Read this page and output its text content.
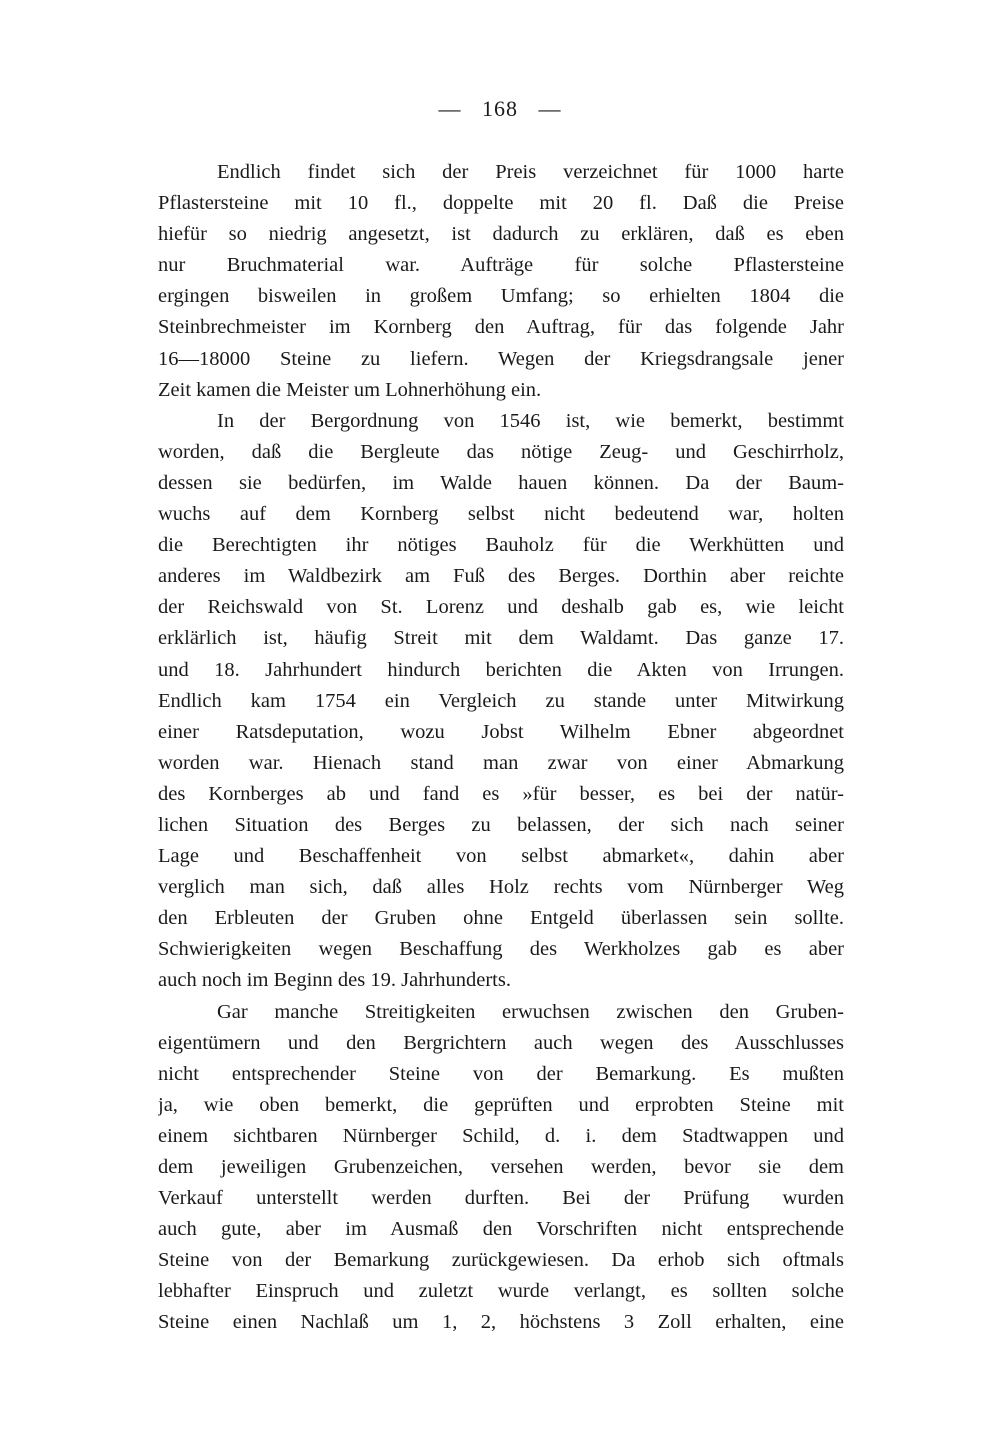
— 168 —
Endlich findet sich der Preis verzeichnet für 1000 harte
Pflastersteine mit 10 fl., doppelte mit 20 fl. Daß die Preise
hiefür so niedrig angesetzt, ist dadurch zu erklären, daß es eben
nur Bruchmaterial war. Aufträge für solche Pflastersteine
ergingen bisweilen in großem Umfang; so erhielten 1804 die
Steinbrechmeister im Kornberg den Auftrag, für das folgende Jahr
16—18000 Steine zu liefern. Wegen der Kriegsdrangsale jener
Zeit kamen die Meister um Lohnerhöhung ein.
In der Bergordnung von 1546 ist, wie bemerkt, bestimmt
worden, daß die Bergleute das nötige Zeug- und Geschirrholz,
dessen sie bedürfen, im Walde hauen können. Da der Baum-
wuchs auf dem Kornberg selbst nicht bedeutend war, holten
die Berechtigten ihr nötiges Bauholz für die Werkhütten und
anderes im Waldbezirk am Fuß des Berges. Dorthin aber reichte
der Reichswald von St. Lorenz und deshalb gab es, wie leicht
erklärlich ist, häufig Streit mit dem Waldamt. Das ganze 17.
und 18. Jahrhundert hindurch berichten die Akten von Irrungen.
Endlich kam 1754 ein Vergleich zu stande unter Mitwirkung
einer Ratsdeputation, wozu Jobst Wilhelm Ebner abgeordnet
worden war. Hienach stand man zwar von einer Abmarkung
des Kornberges ab und fand es »für besser, es bei der natür-
lichen Situation des Berges zu belassen, der sich nach seiner
Lage und Beschaffenheit von selbst abmarket«, dahin aber
verglich man sich, daß alles Holz rechts vom Nürnberger Weg
den Erbleuten der Gruben ohne Entgeld überlassen sein sollte.
Schwierigkeiten wegen Beschaffung des Werkholzes gab es aber
auch noch im Beginn des 19. Jahrhunderts.
Gar manche Streitigkeiten erwuchsen zwischen den Gruben-
eigentümern und den Bergrichtern auch wegen des Ausschlusses
nicht entsprechender Steine von der Bemarkung. Es mußten
ja, wie oben bemerkt, die geprüften und erprobten Steine mit
einem sichtbaren Nürnberger Schild, d. i. dem Stadtwappen und
dem jeweiligen Grubenzeichen, versehen werden, bevor sie dem
Verkauf unterstellt werden durften. Bei der Prüfung wurden
auch gute, aber im Ausmaß den Vorschriften nicht entsprechende
Steine von der Bemarkung zurückgewiesen. Da erhob sich oftmals
lebhafter Einspruch und zuletzt wurde verlangt, es sollten solche
Steine einen Nachlaß um 1, 2, höchstens 3 Zoll erhalten, eine
